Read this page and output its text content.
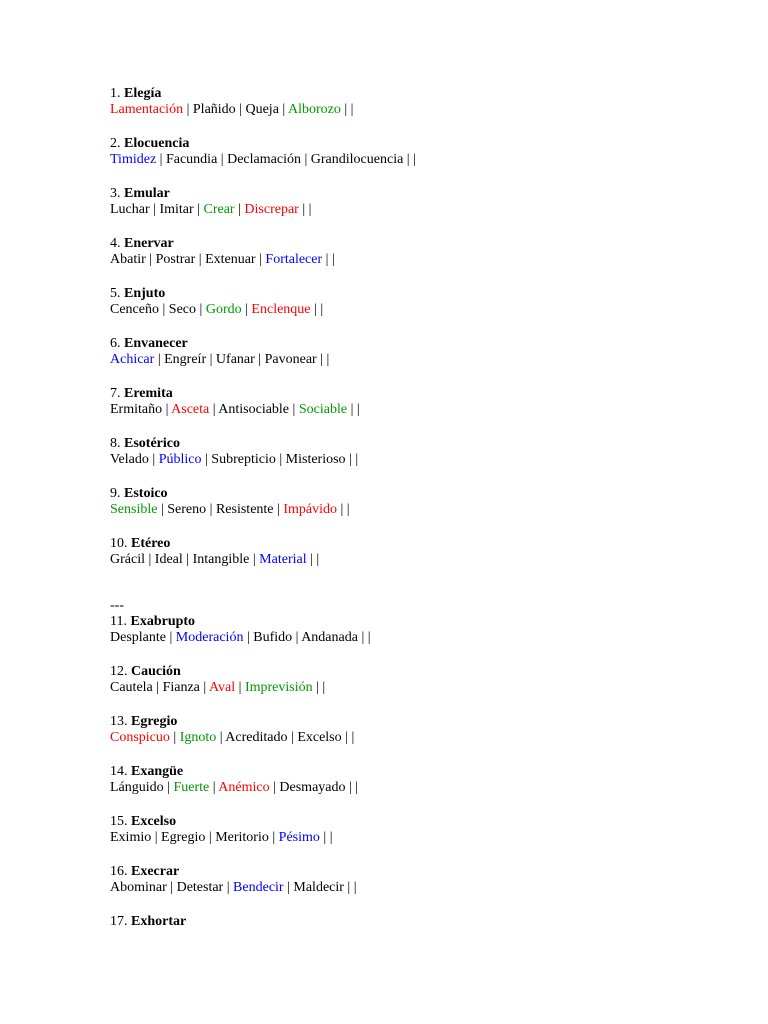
1. Elegía
Lamentación | Plañido | Queja | Alborozo | |
2. Elocuencia
Timidez | Facundia | Declamación | Grandilocuencia | |
3. Emular
Luchar | Imitar | Crear | Discrepar | |
4. Enervar
Abatir | Postrar | Extenuar | Fortalecer | |
5. Enjuto
Cenceño | Seco | Gordo | Enclenque | |
6. Envanecer
Achicar | Engreír | Ufanar | Pavonear | |
7. Eremita
Ermitaño | Asceta | Antisociable | Sociable | |
8. Esotérico
Velado | Público | Subrepticio | Misterioso | |
9. Estoico
Sensible | Sereno | Resistente | Impávido | |
10. Etéreo
Grácil | Ideal | Intangible | Material | |
---
11. Exabrupto
Desplante | Moderación | Bufido | Andanada | |
12. Caución
Cautela | Fianza | Aval | Imprevisión | |
13. Egregio
Conspicuo | Ignoto | Acreditado | Excelso | |
14. Exangüe
Lánguido | Fuerte | Anémico | Desmayado | |
15. Excelso
Eximio | Egregio | Meritorio | Pésimo | |
16. Execrar
Abominar | Detestar | Bendecir | Maldecir | |
17. Exhortar
